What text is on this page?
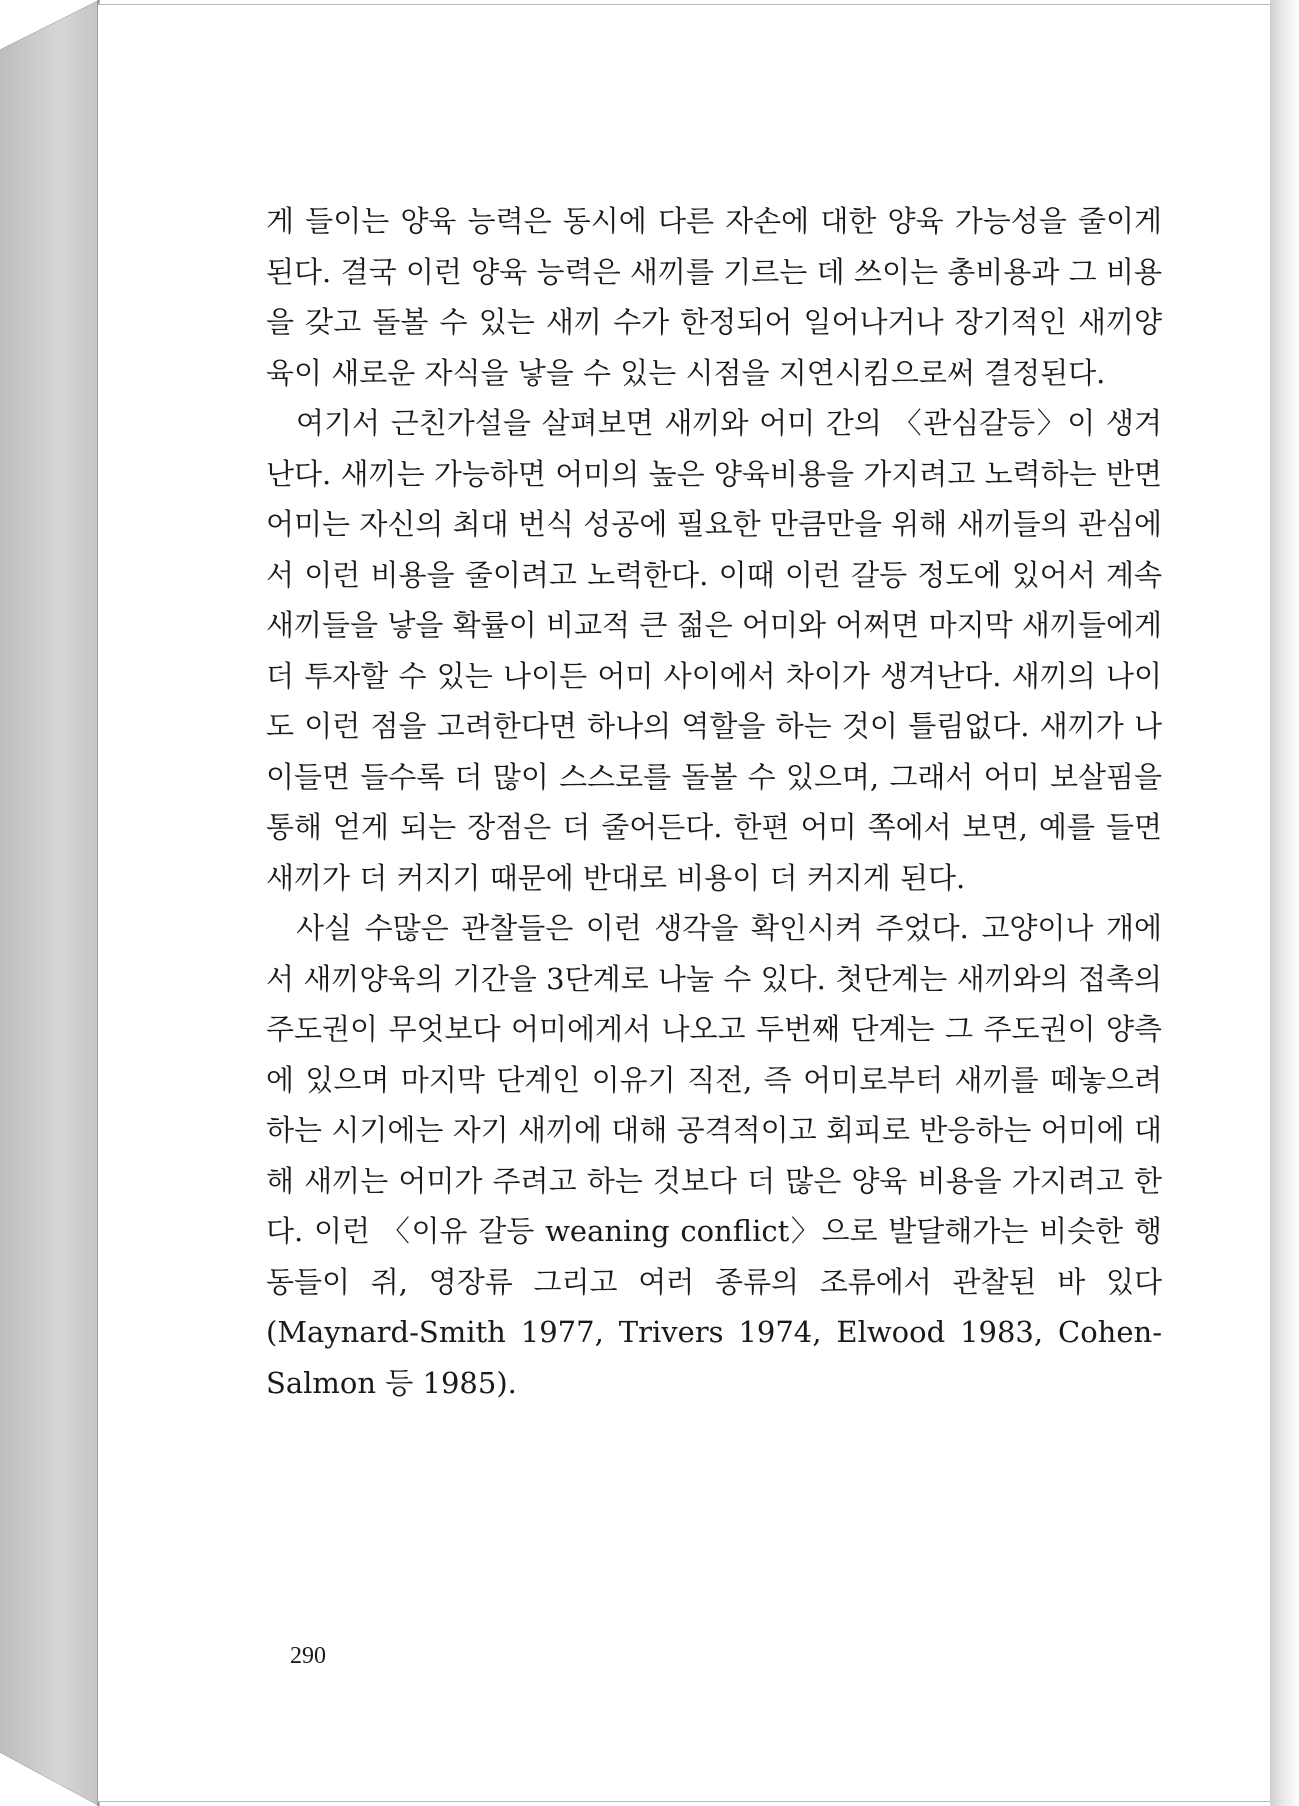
게 들이는 양육 능력은 동시에 다른 자손에 대한 양육 가능성을 줄이게 된다. 결국 이런 양육 능력은 새끼를 기르는 데 쓰이는 총비용과 그 비용을 갖고 돌볼 수 있는 새끼 수가 한정되어 일어나거나 장기적인 새끼양육이 새로운 자식을 낳을 수 있는 시점을 지연시킴으로써 결정된다.

여기서 근친가설을 살펴보면 새끼와 어미 간의 〈관심갈등〉이 생겨난다. 새끼는 가능하면 어미의 높은 양육비용을 가지려고 노력하는 반면 어미는 자신의 최대 번식 성공에 필요한 만큼만을 위해 새끼들의 관심에서 이런 비용을 줄이려고 노력한다. 이때 이런 갈등 정도에 있어서 계속 새끼들을 낳을 확률이 비교적 큰 젊은 어미와 어쩌면 마지막 새끼들에게 더 투자할 수 있는 나이든 어미 사이에서 차이가 생겨난다. 새끼의 나이도 이런 점을 고려한다면 하나의 역할을 하는 것이 틀림없다. 새끼가 나이들면 들수록 더 많이 스스로를 돌볼 수 있으며, 그래서 어미 보살핌을 통해 얻게 되는 장점은 더 줄어든다. 한편 어미 쪽에서 보면, 예를 들면 새끼가 더 커지기 때문에 반대로 비용이 더 커지게 된다.

사실 수많은 관찰들은 이런 생각을 확인시켜 주었다. 고양이나 개에서 새끼양육의 기간을 3단계로 나눌 수 있다. 첫단계는 새끼와의 접촉의 주도권이 무엇보다 어미에게서 나오고 두번째 단계는 그 주도권이 양측에 있으며 마지막 단계인 이유기 직전, 즉 어미로부터 새끼를 떼놓으려 하는 시기에는 자기 새끼에 대해 공격적이고 회피로 반응하는 어미에 대해 새끼는 어미가 주려고 하는 것보다 더 많은 양육 비용을 가지려고 한다. 이런 〈이유 갈등 weaning conflict〉으로 발달해가는 비슷한 행동들이 쥐, 영장류 그리고 여러 종류의 조류에서 관찰된 바 있다(Maynard-Smith 1977, Trivers 1974, Elwood 1983, Cohen-Salmon 등 1985).

290
